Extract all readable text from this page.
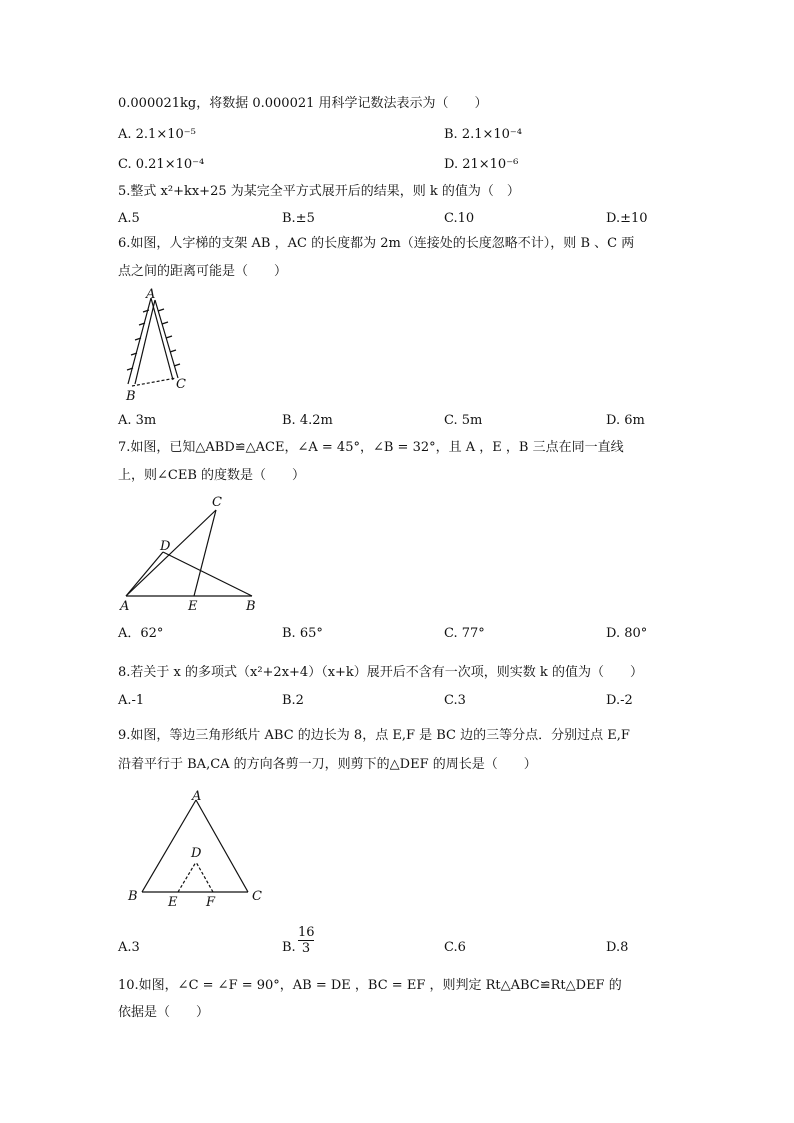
0.000021kg，将数据 0.000021 用科学记数法表示为（　　）
A. 2.1×10⁻⁵	B. 2.1×10⁻⁴
C. 0.21×10⁻⁴	D. 21×10⁻⁶
5.整式 x²+kx+25 为某完全平方式展开后的结果，则 k 的值为（　）
A.5	B.±5	C.10	D.±10
6.如图，人字梯的支架 AB ，AC 的长度都为 2m（连接处的长度忽略不计），则 B 、C 两
点之间的距离可能是（　　）
A
B
C
A. 3m	B. 4.2m	C. 5m	D. 6m
7.如图，已知△ABD≌△ACE，∠A = 45°，∠B = 32°，且 A ，E ，B 三点在同一直线
上，则∠CEB 的度数是（　　）
C
D
A	E	B
A．62°	B. 65°	C. 77°	D. 80°
8.若关于 x 的多项式（x²+2x+4）（x+k）展开后不含有一次项，则实数 k 的值为（　　）
A.-1	B.2	C.3	D.-2
9.如图，等边三角形纸片 ABC 的边长为 8，点 E,F 是 BC 边的三等分点．分别过点 E,F
沿着平行于 BA,CA 的方向各剪一刀，则剪下的△DEF 的周长是（　　）
A
D
B E F	C
A.3	B. $\frac{16}{3}$	C.6	D.8
10.如图，∠C = ∠F = 90°，AB = DE ，BC = EF ，则判定 Rt△ABC≌Rt△DEF 的
依据是（　　）
